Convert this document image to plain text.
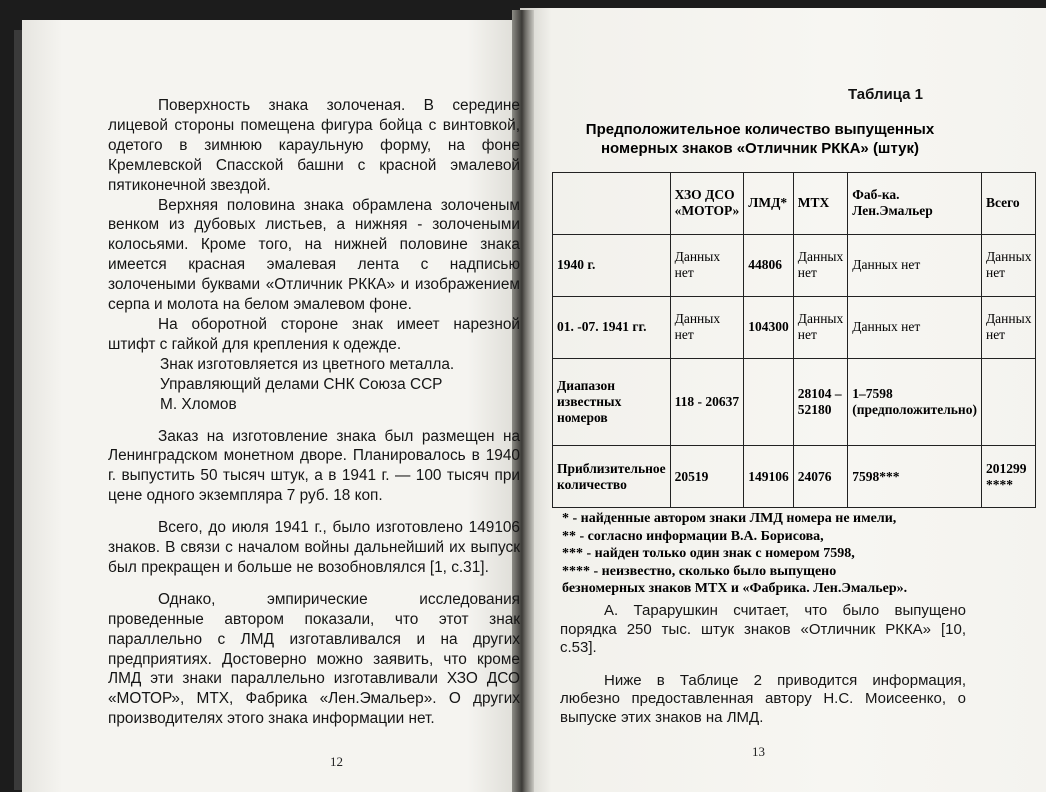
Поверхность знака золоченая. В середине лицевой стороны помещена фигура бойца с винтовкой, одетого в зимнюю караульную форму, на фоне Кремлевской Спасской башни с красной эмалевой пятиконечной звездой.

Верхняя половина знака обрамлена золоченым венком из дубовых листьев, а нижняя - золочеными колосьями. Кроме того, на нижней половине знака имеется красная эмалевая лента с надписью золочеными буквами «Отличник РККА» и изображением серпа и молота на белом эмалевом фоне.

На оборотной стороне знак имеет нарезной штифт с гайкой для крепления к одежде.

Знак изготовляется из цветного металла.

Управляющий делами СНК Союза ССР

М. Хломов

Заказ на изготовление знака был размещен на Ленинградском монетном дворе. Планировалось в 1940 г. выпустить 50 тысяч штук, а в 1941 г. — 100 тысяч при цене одного экземпляра 7 руб. 18 коп.

Всего, до июля 1941 г., было изготовлено 149106 знаков. В связи с началом войны дальнейший их выпуск был прекращен и больше не возобновлялся [1, с.31].

Однако, эмпирические исследования проведенные автором показали, что этот знак параллельно с ЛМД изготавливался и на других предприятиях. Достоверно можно заявить, что кроме ЛМД эти знаки параллельно изготавливали ХЗО ДСО «МОТОР», МТХ, Фабрика «Лен.Эмальер». О других производителях этого знака информации нет.

12
Таблица 1
Предположительное количество выпущенных номерных знаков «Отличник РККА» (штук)
	ХЗО ДСО «МОТОР»	ЛМД*	МТХ	Фаб-ка. Лен.Эмальер	Всего
1940 г.	Данных нет	44806	Данных нет	Данных нет	Данных нет
01. -07. 1941 гг.	Данных нет	104300	Данных нет	Данных нет	Данных нет
Диапазон известных номеров	118 - 20637		28104 – 52180	1–7598 (предположительно)	
Приблизительное количество	20519	149106	24076	7598***	201299 ****
* - найденные автором знаки ЛМД номера не имели,
** - согласно информации В.А. Борисова,
*** - найден только один знак с номером 7598,
**** - неизвестно, сколько было выпущено
безномерных знаков МТХ и «Фабрика. Лен.Эмальер».

А. Тарарушкин считает, что было выпущено порядка 250 тыс. штук знаков «Отличник РККА» [10, с.53].

Ниже в Таблице 2 приводится информация, любезно предоставленная автору Н.С. Моисеенко, о выпуске этих знаков на ЛМД.

13
